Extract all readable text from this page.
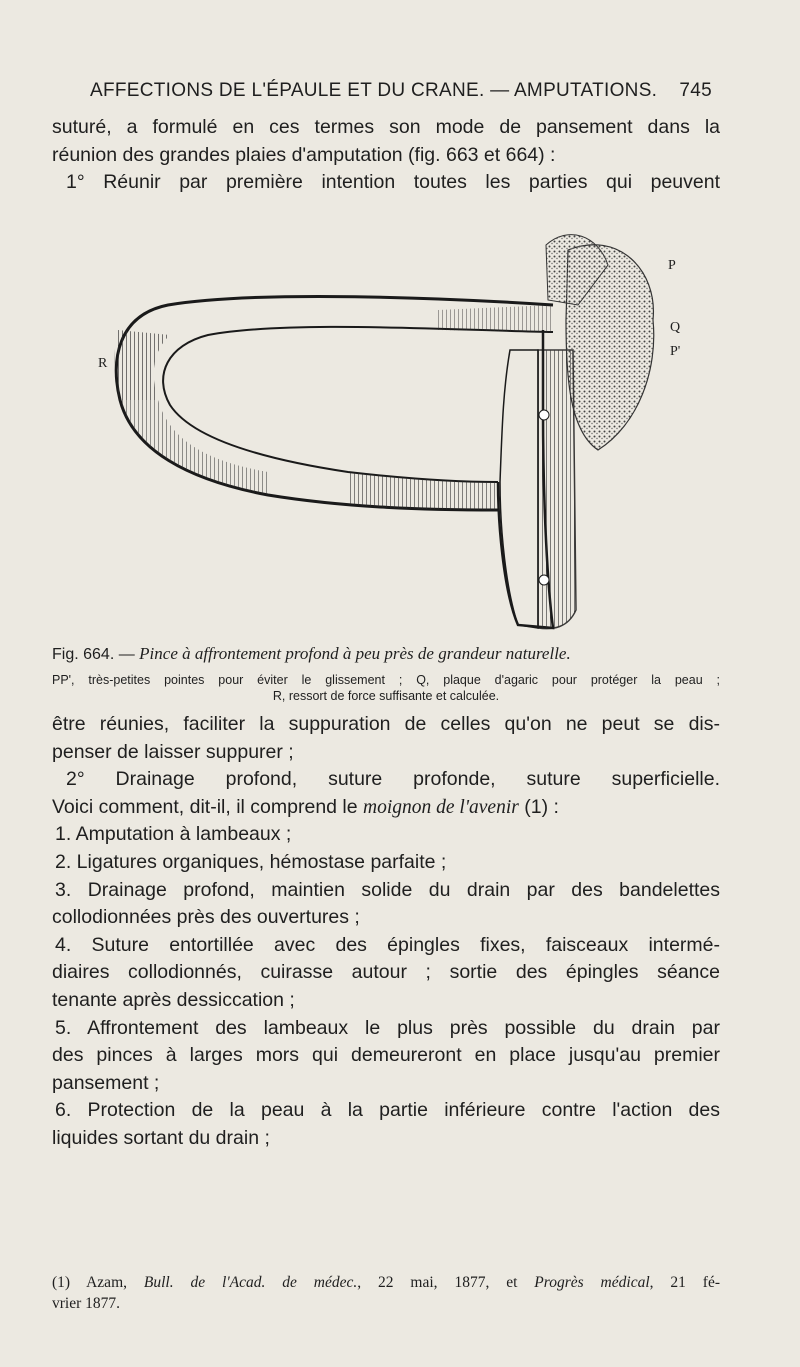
AFFECTIONS DE L'ÉPAULE ET DU CRANE. — AMPUTATIONS. 745
suturé, a formulé en ces termes son mode de pansement dans la
réunion des grandes plaies d'amputation (fig. 663 et 664) :
1° Réunir par première intention toutes les parties qui peuvent
R
P
Q
P'
Fig. 664. — Pince à affrontement profond à peu près de grandeur naturelle.
PP', très-petites pointes pour éviter le glissement ; Q, plaque d'agaric pour protéger la peau ;
R, ressort de force suffisante et calculée.
être réunies, faciliter la suppuration de celles qu'on ne peut se dis-
penser de laisser suppurer ;
2° Drainage profond, suture profonde, suture superficielle.
Voici comment, dit-il, il comprend le moignon de l'avenir (1) :
1. Amputation à lambeaux ;
2. Ligatures organiques, hémostase parfaite ;
3. Drainage profond, maintien solide du drain par des bandelettes
collodionnées près des ouvertures ;
4. Suture entortillée avec des épingles fixes, faisceaux intermé-
diaires collodionnés, cuirasse autour ; sortie des épingles séance
tenante après dessiccation ;
5. Affrontement des lambeaux le plus près possible du drain par
des pinces à larges mors qui demeureront en place jusqu'au premier
pansement ;
6. Protection de la peau à la partie inférieure contre l'action des
liquides sortant du drain ;
(1) Azam, Bull. de l'Acad. de médec., 22 mai, 1877, et Progrès médical, 21 fé-
vrier 1877.
